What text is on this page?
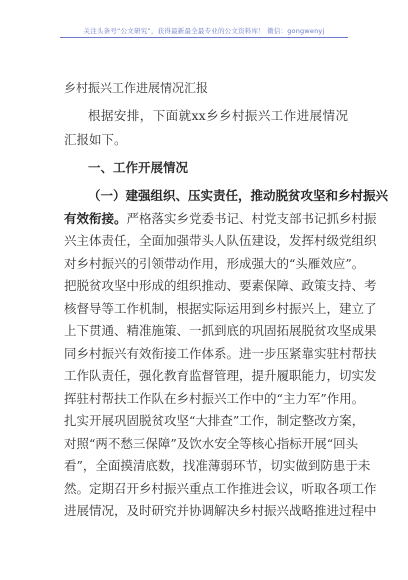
关注头条号“公文研究”，获得最新最全最专业的公文资料库！ 微信：gongwenyj
乡村振兴工作进展情况汇报
根据安排，下面就xx乡乡村振兴工作进展情况汇报如下。
一、工作开展情况
（一）建强组织、压实责任，推动脱贫攻坚和乡村振兴
有效衔接。严格落实乡党委书记、村党支部书记抓乡村振
兴主体责任，全面加强带头人队伍建设，发挥村级党组织
对乡村振兴的引领带动作用，形成强大的“头雁效应”。
把脱贫攻坚中形成的组织推动、要素保障、政策支持、考
核督导等工作机制，根据实际运用到乡村振兴上，建立了
上下贯通、精准施策、一抓到底的巩固拓展脱贫攻坚成果
同乡村振兴有效衔接工作体系。进一步压紧靠实驻村帮扶
工作队责任，强化教育监督管理，提升履职能力，切实发
挥驻村帮扶工作队在乡村振兴工作中的“主力军”作用。
扎实开展巩固脱贫攻坚“大排查”工作，制定整改方案，
对照“两不愁三保障”及饮水安全等核心指标开展“回头
看”，全面摸清底数，找准薄弱环节，切实做到防患于未
然。定期召开乡村振兴重点工作推进会议，听取各项工作
进展情况，及时研究并协调解决乡村振兴战略推进过程中
